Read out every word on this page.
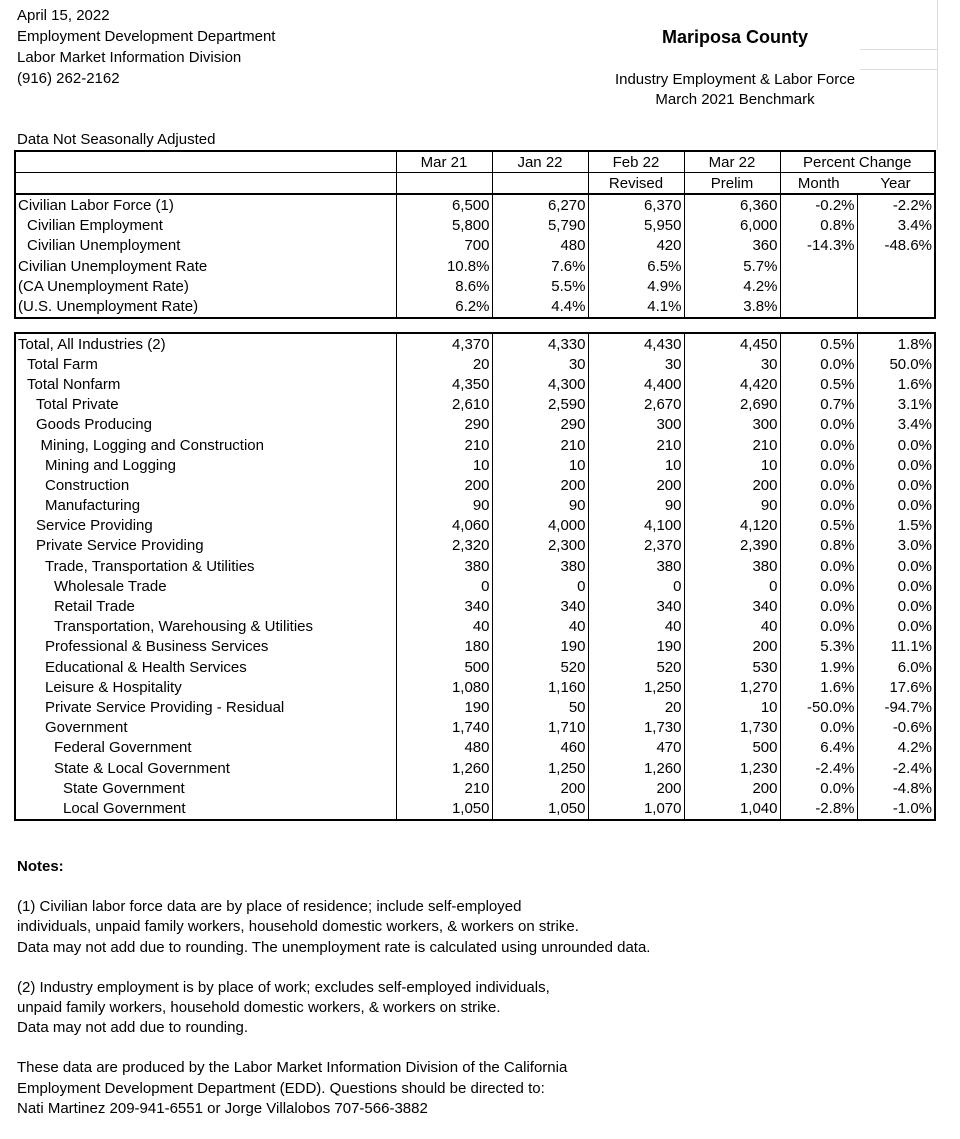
April 15, 2022
Employment Development Department
Labor Market Information Division
(916) 262-2162
Mariposa County
Industry Employment & Labor Force
March 2021 Benchmark
Data Not Seasonally Adjusted
	Mar 21	Jan 22	Feb 22	Mar 22	Percent Change	
			Revised	Prelim	Month	Year
Civilian Labor Force (1)	6,500	6,270	6,370	6,360	-0.2%	-2.2%
Civilian Employment	5,800	5,790	5,950	6,000	0.8%	3.4%
Civilian Unemployment	700	480	420	360	-14.3%	-48.6%
Civilian Unemployment Rate	10.8%	7.6%	6.5%	5.7%		
(CA Unemployment Rate)	8.6%	5.5%	4.9%	4.2%		
(U.S. Unemployment Rate)	6.2%	4.4%	4.1%	3.8%		
Total, All Industries (2)	4,370	4,330	4,430	4,450	0.5%	1.8%
Total Farm	20	30	30	30	0.0%	50.0%
Total Nonfarm	4,350	4,300	4,400	4,420	0.5%	1.6%
Total Private	2,610	2,590	2,670	2,690	0.7%	3.1%
Goods Producing	290	290	300	300	0.0%	3.4%
Mining, Logging and Construction	210	210	210	210	0.0%	0.0%
Mining and Logging	10	10	10	10	0.0%	0.0%
Construction	200	200	200	200	0.0%	0.0%
Manufacturing	90	90	90	90	0.0%	0.0%
Service Providing	4,060	4,000	4,100	4,120	0.5%	1.5%
Private Service Providing	2,320	2,300	2,370	2,390	0.8%	3.0%
Trade, Transportation & Utilities	380	380	380	380	0.0%	0.0%
Wholesale Trade	0	0	0	0	0.0%	0.0%
Retail Trade	340	340	340	340	0.0%	0.0%
Transportation, Warehousing & Utilities	40	40	40	40	0.0%	0.0%
Professional & Business Services	180	190	190	200	5.3%	11.1%
Educational & Health Services	500	520	520	530	1.9%	6.0%
Leisure & Hospitality	1,080	1,160	1,250	1,270	1.6%	17.6%
Private Service Providing - Residual	190	50	20	10	-50.0%	-94.7%
Government	1,740	1,710	1,730	1,730	0.0%	-0.6%
Federal Government	480	460	470	500	6.4%	4.2%
State & Local Government	1,260	1,250	1,260	1,230	-2.4%	-2.4%
State Government	210	200	200	200	0.0%	-4.8%
Local Government	1,050	1,050	1,070	1,040	-2.8%	-1.0%
Notes:
(1) Civilian labor force data are by place of residence; include self-employed
individuals, unpaid family workers, household domestic workers, & workers on strike.
Data may not add due to rounding. The unemployment rate is calculated using unrounded data.
(2) Industry employment is by place of work; excludes self-employed individuals,
unpaid family workers, household domestic workers, & workers on strike.
Data may not add due to rounding.
These data are produced by the Labor Market Information Division of the California
Employment Development Department (EDD). Questions should be directed to:
Nati Martinez 209-941-6551 or Jorge Villalobos 707-566-3882
